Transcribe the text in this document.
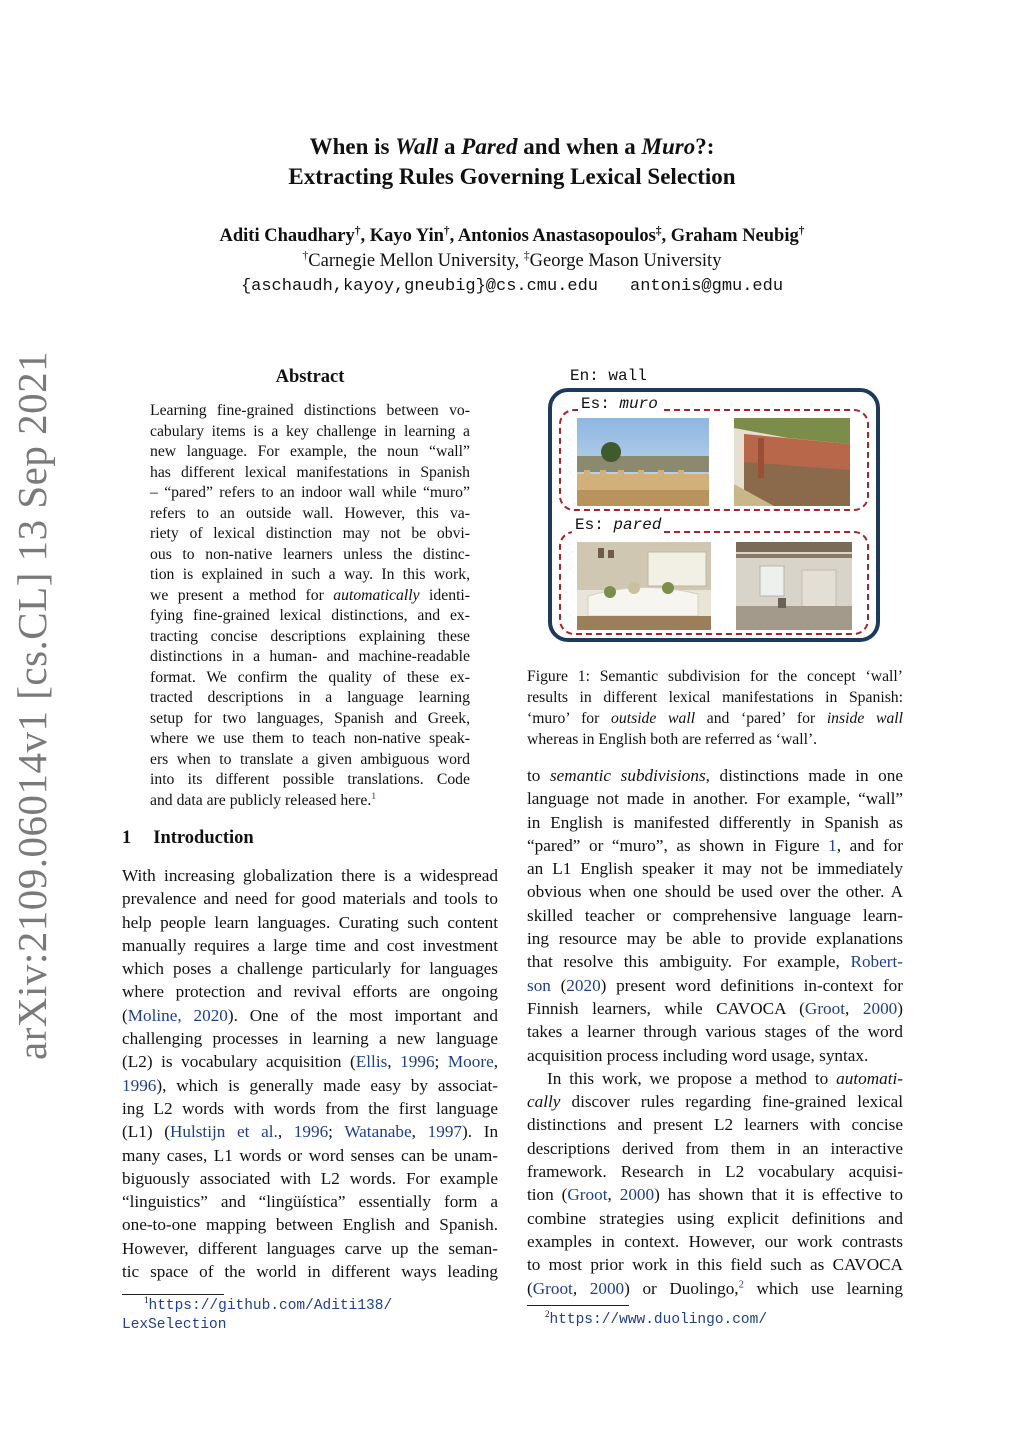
arXiv:2109.06014v1 [cs.CL] 13 Sep 2021
When is Wall a Pared and when a Muro?:
Extracting Rules Governing Lexical Selection
Aditi Chaudhary†, Kayo Yin†, Antonios Anastasopoulos‡, Graham Neubig†
†Carnegie Mellon University, ‡George Mason University
{aschaudh,kayoy,gneubig}@cs.cmu.edu antonis@gmu.edu
Abstract
Learning fine-grained distinctions between vo-
cabulary items is a key challenge in learning a
new language. For example, the noun “wall”
has different lexical manifestations in Spanish
– “pared” refers to an indoor wall while “muro”
refers to an outside wall. However, this va-
riety of lexical distinction may not be obvi-
ous to non-native learners unless the distinc-
tion is explained in such a way. In this work,
we present a method for automatically identi-
fying fine-grained lexical distinctions, and ex-
tracting concise descriptions explaining these
distinctions in a human- and machine-readable
format. We confirm the quality of these ex-
tracted descriptions in a language learning
setup for two languages, Spanish and Greek,
where we use them to teach non-native speak-
ers when to translate a given ambiguous word
into its different possible translations. Code
and data are publicly released here.$^1$
1 Introduction
With increasing globalization there is a widespread
prevalence and need for good materials and tools to
help people learn languages. Curating such content
manually requires a large time and cost investment
which poses a challenge particularly for languages
where protection and revival efforts are ongoing
(Moline, 2020). One of the most important and
challenging processes in learning a new language
(L2) is vocabulary acquisition (Ellis, 1996; Moore,
1996), which is generally made easy by associat-
ing L2 words with words from the first language
(L1) (Hulstijn et al., 1996; Watanabe, 1997). In
many cases, L1 words or word senses can be unam-
biguously associated with L2 words. For example
“linguistics” and “lingüística” essentially form a
one-to-one mapping between English and Spanish.
However, different languages carve up the seman-
tic space of the world in different ways leading
$^1$https://github.com/Aditi138/
LexSelection
En: wall
Es: muro
Es: pared
Figure 1: Semantic subdivision for the concept ‘wall’
results in different lexical manifestations in Spanish:
‘muro’ for outside wall and ‘pared’ for inside wall
whereas in English both are referred as ‘wall’.
to semantic subdivisions, distinctions made in one
language not made in another. For example, “wall”
in English is manifested differently in Spanish as
“pared” or “muro”, as shown in Figure 1, and for
an L1 English speaker it may not be immediately
obvious when one should be used over the other. A
skilled teacher or comprehensive language learn-
ing resource may be able to provide explanations
that resolve this ambiguity. For example, Robert-
son (2020) present word definitions in-context for
Finnish learners, while CAVOCA (Groot, 2000)
takes a learner through various stages of the word
acquisition process including word usage, syntax.
In this work, we propose a method to automati-
cally discover rules regarding fine-grained lexical
distinctions and present L2 learners with concise
descriptions derived from them in an interactive
framework. Research in L2 vocabulary acquisi-
tion (Groot, 2000) has shown that it is effective to
combine strategies using explicit definitions and
examples in context. However, our work contrasts
to most prior work in this field such as CAVOCA
(Groot, 2000) or Duolingo,$^2$ which use learning
$^2$https://www.duolingo.com/
